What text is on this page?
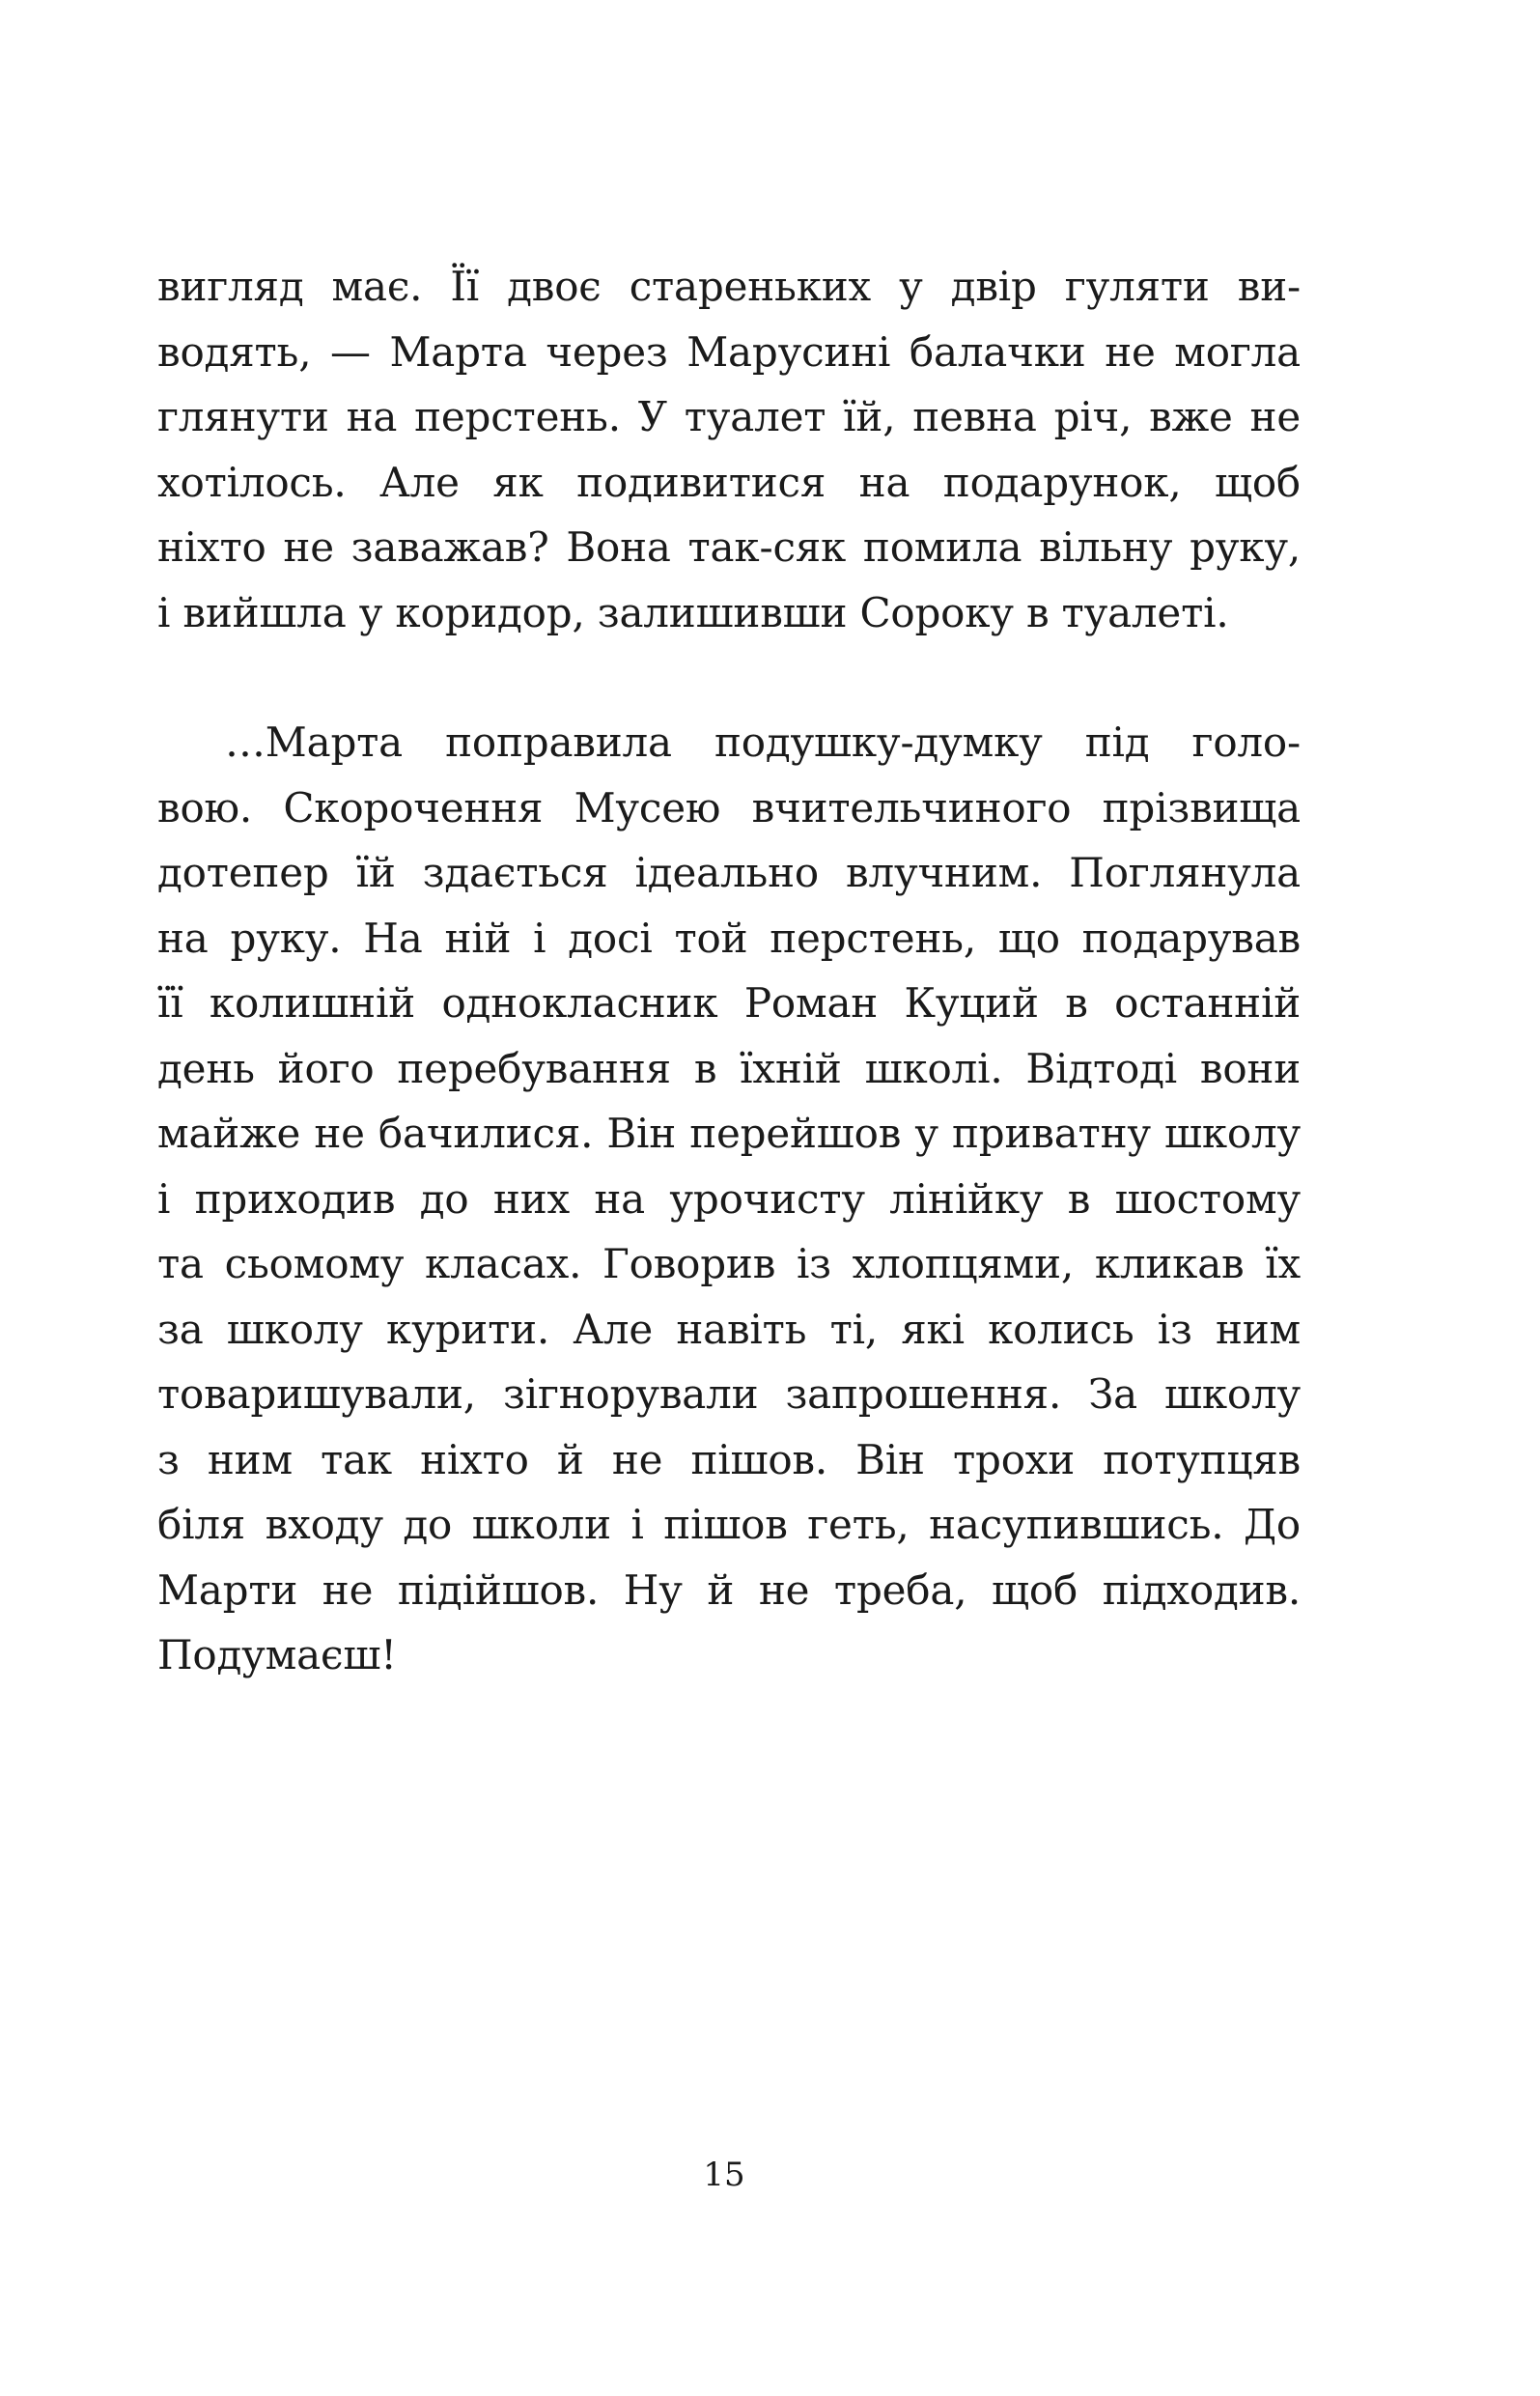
вигляд має. Її двоє старeньких у двір гуляти ви-
водять, — Марта через Марусині балачки не могла
глянути на перстень. У туалет їй, певна річ, вже не
хотілось. Але як подивитися на подарунок, щоб
ніхто не заважав? Вона так-сяк помила вільну руку,
і вийшла у коридор, залишивши Сороку в туалеті.
…Марта поправила подушку-думку під голо-
вою. Скорочення Мусею вчительчиного прізвища
дотепер їй здається ідеально влучним. Поглянула
на руку. На ній і досі той перстень, що подарував
її колишній однокласник Роман Куций в останній
день його перебування в їхній школі. Відтоді вони
майже не бачилися. Він перейшов у приватну школу
і приходив до них на урочисту лінійку в шостому
та сьомому класах. Говорив із хлопцями, кликав їх
за школу курити. Але навіть ті, які колись із ним
товаришували, зігнорували запрошення. За школу
з ним так ніхто й не пішов. Він трохи потупцяв
біля входу до школи і пішов геть, насупившись. До
Марти не підійшов. Ну й не треба, щоб підходив.
Подумаєш!
15
